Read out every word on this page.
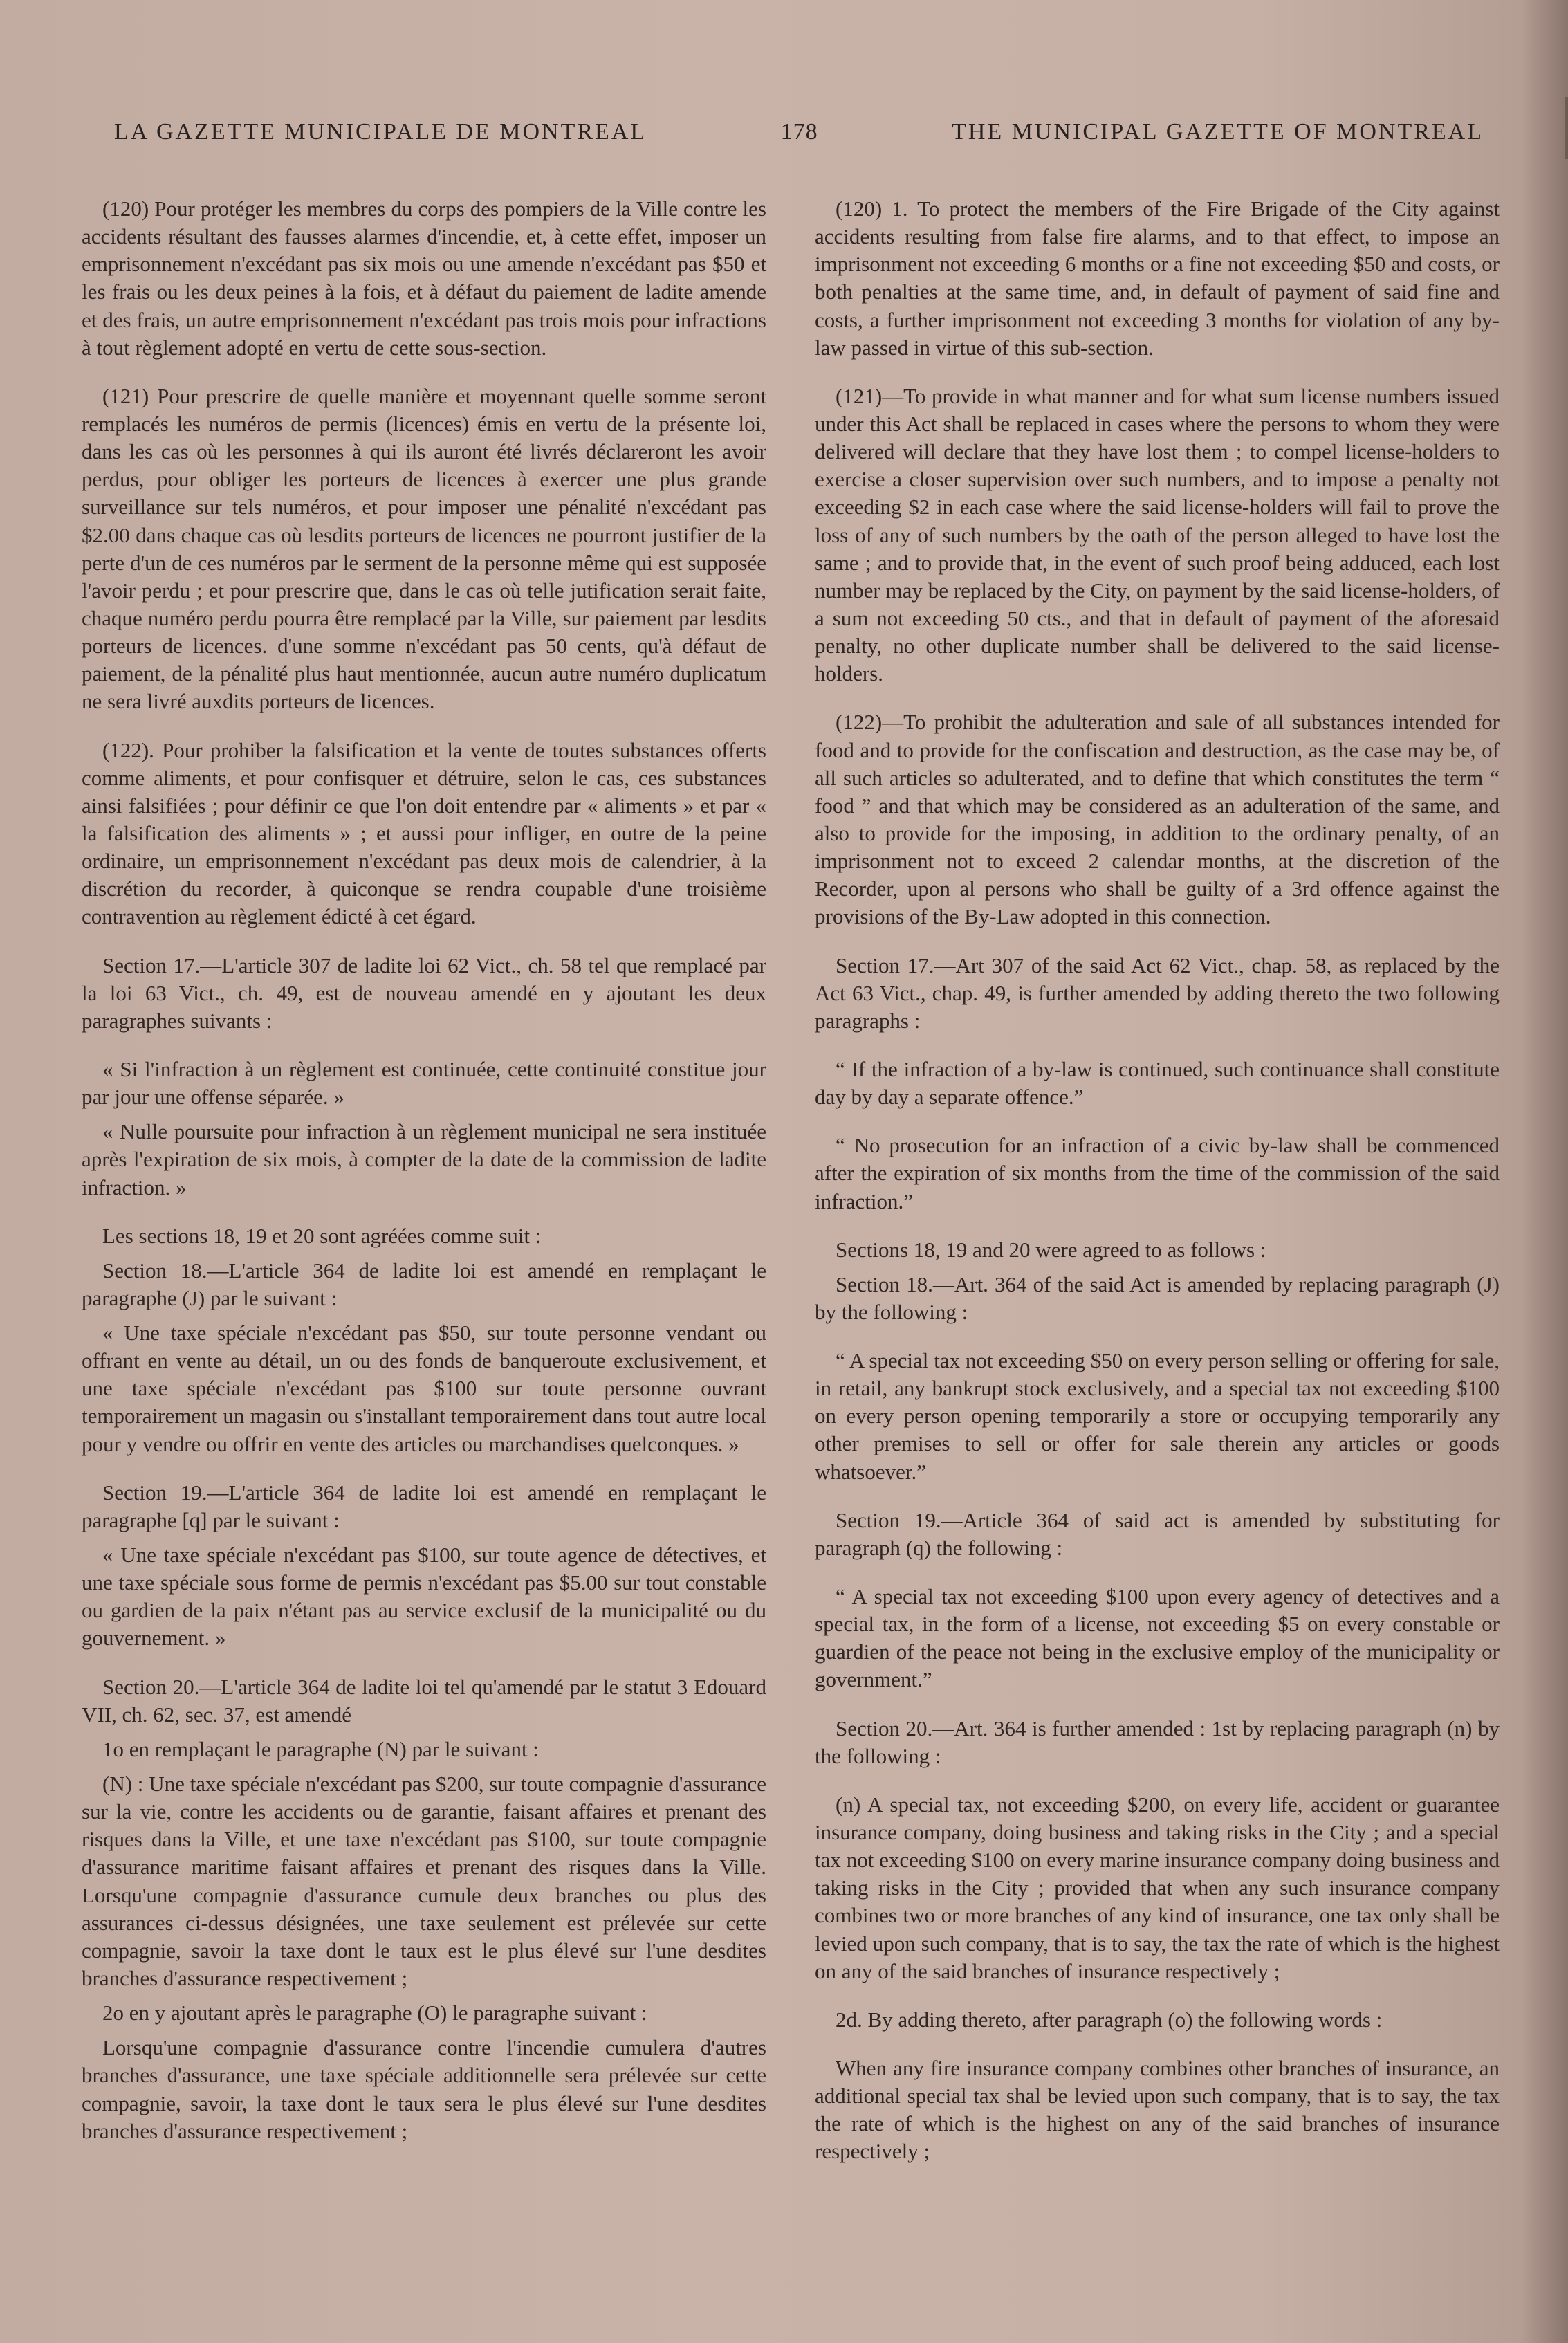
LA GAZETTE MUNICIPALE DE MONTREAL	178	THE MUNICIPAL GAZETTE OF MONTREAL

(120) Pour protéger les membres du corps des pompiers de la Ville contre les accidents résultant des fausses alarmes d'incendie, et, à cette effet, imposer un emprisonnement n'excédant pas six mois ou une amende n'excédant pas $50 et les frais ou les deux peines à la fois, et à défaut du paiement de ladite amende et des frais, un autre emprisonnement n'excédant pas trois mois pour infractions à tout règlement adopté en vertu de cette sous-section.

(121) Pour prescrire de quelle manière et moyennant quelle somme seront remplacés les numéros de permis (licences) émis en vertu de la présente loi, dans les cas où les personnes à qui ils auront été livrés déclareront les avoir perdus, pour obliger les porteurs de licences à exercer une plus grande surveillance sur tels numéros, et pour imposer une pénalité n'excédant pas $2.00 dans chaque cas où lesdits porteurs de licences ne pourront justifier de la perte d'un de ces numéros par le serment de la personne même qui est supposée l'avoir perdu ; et pour prescrire que, dans le cas où telle jutification serait faite, chaque numéro perdu pourra être remplacé par la Ville, sur paiement par lesdits porteurs de licences. d'une somme n'excédant pas 50 cents, qu'à défaut de paiement, de la pénalité plus haut mentionnée, aucun autre numéro duplicatum ne sera livré auxdits porteurs de licences.

(122). Pour prohiber la falsification et la vente de toutes substances offerts comme aliments, et pour confisquer et détruire, selon le cas, ces substances ainsi falsifiées ; pour définir ce que l'on doit entendre par « aliments » et par « la falsification des aliments » ; et aussi pour infliger, en outre de la peine ordinaire, un emprisonnement n'excédant pas deux mois de calendrier, à la discrétion du recorder, à quiconque se rendra coupable d'une troisième contravention au règlement édicté à cet égard.

Section 17.—L'article 307 de ladite loi 62 Vict., ch. 58 tel que remplacé par la loi 63 Vict., ch. 49, est de nouveau amendé en y ajoutant les deux paragraphes suivants :

« Si l'infraction à un règlement est continuée, cette continuité constitue jour par jour une offense séparée. »

« Nulle poursuite pour infraction à un règlement municipal ne sera instituée après l'expiration de six mois, à compter de la date de la commission de ladite infraction. »

Les sections 18, 19 et 20 sont agréées comme suit :

Section 18.—L'article 364 de ladite loi est amendé en remplaçant le paragraphe (J) par le suivant :

« Une taxe spéciale n'excédant pas $50, sur toute personne vendant ou offrant en vente au détail, un ou des fonds de banqueroute exclusivement, et une taxe spéciale n'excédant pas $100 sur toute personne ouvrant temporairement un magasin ou s'installant temporairement dans tout autre local pour y vendre ou offrir en vente des articles ou marchandises quelconques. »

Section 19.—L'article 364 de ladite loi est amendé en remplaçant le paragraphe [q] par le suivant :

« Une taxe spéciale n'excédant pas $100, sur toute agence de détectives, et une taxe spéciale sous forme de permis n'excédant pas $5.00 sur tout constable ou gardien de la paix n'étant pas au service exclusif de la municipalité ou du gouvernement. »

Section 20.—L'article 364 de ladite loi tel qu'amendé par le statut 3 Edouard VII, ch. 62, sec. 37, est amendé

1o en remplaçant le paragraphe (N) par le suivant :

(N) : Une taxe spéciale n'excédant pas $200, sur toute compagnie d'assurance sur la vie, contre les accidents ou de garantie, faisant affaires et prenant des risques dans la Ville, et une taxe n'excédant pas $100, sur toute compagnie d'assurance maritime faisant affaires et prenant des risques dans la Ville. Lorsqu'une compagnie d'assurance cumule deux branches ou plus des assurances ci-dessus désignées, une taxe seulement est prélevée sur cette compagnie, savoir la taxe dont le taux est le plus élevé sur l'une desdites branches d'assurance respectivement ;

2o en y ajoutant après le paragraphe (O) le paragraphe suivant :

Lorsqu'une compagnie d'assurance contre l'incendie cumulera d'autres branches d'assurance, une taxe spéciale additionnelle sera prélevée sur cette compagnie, savoir, la taxe dont le taux sera le plus élevé sur l'une desdites branches d'assurance respectivement ;

(120) 1. To protect the members of the Fire Brigade of the City against accidents resulting from false fire alarms, and to that effect, to impose an imprisonment not exceeding 6 months or a fine not exceeding $50 and costs, or both penalties at the same time, and, in default of payment of said fine and costs, a further imprisonment not exceeding 3 months for violation of any by-law passed in virtue of this sub-section.

(121)—To provide in what manner and for what sum license numbers issued under this Act shall be replaced in cases where the persons to whom they were delivered will declare that they have lost them ; to compel license-holders to exercise a closer supervision over such numbers, and to impose a penalty not exceeding $2 in each case where the said license-holders will fail to prove the loss of any of such numbers by the oath of the person alleged to have lost the same ; and to provide that, in the event of such proof being adduced, each lost number may be replaced by the City, on payment by the said license-holders, of a sum not exceeding 50 cts., and that in default of payment of the aforesaid penalty, no other duplicate number shall be delivered to the said license-holders.

(122)—To prohibit the adulteration and sale of all substances intended for food and to provide for the confiscation and destruction, as the case may be, of all such articles so adulterated, and to define that which constitutes the term “ food ” and that which may be considered as an adulteration of the same, and also to provide for the imposing, in addition to the ordinary penalty, of an imprisonment not to exceed 2 calendar months, at the discretion of the Recorder, upon al persons who shall be guilty of a 3rd offence against the provisions of the By-Law adopted in this connection.

Section 17.—Art 307 of the said Act 62 Vict., chap. 58, as replaced by the Act 63 Vict., chap. 49, is further amended by adding thereto the two following paragraphs :

“ If the infraction of a by-law is continued, such continuance shall constitute day by day a separate offence.”

“ No prosecution for an infraction of a civic by-law shall be commenced after the expiration of six months from the time of the commission of the said infraction.”

Sections 18, 19 and 20 were agreed to as follows :

Section 18.—Art. 364 of the said Act is amended by replacing paragraph (J) by the following :

“ A special tax not exceeding $50 on every person selling or offering for sale, in retail, any bankrupt stock exclusively, and a special tax not exceeding $100 on every person opening temporarily a store or occupying temporarily any other premises to sell or offer for sale therein any articles or goods whatsoever.”

Section 19.—Article 364 of said act is amended by substituting for paragraph (q) the following :

“ A special tax not exceeding $100 upon every agency of detectives and a special tax, in the form of a license, not exceeding $5 on every constable or guardien of the peace not being in the exclusive employ of the municipality or government.”

Section 20.—Art. 364 is further amended : 1st by replacing paragraph (n) by the following :

(n) A special tax, not exceeding $200, on every life, accident or guarantee insurance company, doing business and taking risks in the City ; and a special tax not exceeding $100 on every marine insurance company doing business and taking risks in the City ; provided that when any such insurance company combines two or more branches of any kind of insurance, one tax only shall be levied upon such company, that is to say, the tax the rate of which is the highest on any of the said branches of insurance respectively ;

2d. By adding thereto, after paragraph (o) the following words :

When any fire insurance company combines other branches of insurance, an additional special tax shal be levied upon such company, that is to say, the tax the rate of which is the highest on any of the said branches of insurance respectively ;
